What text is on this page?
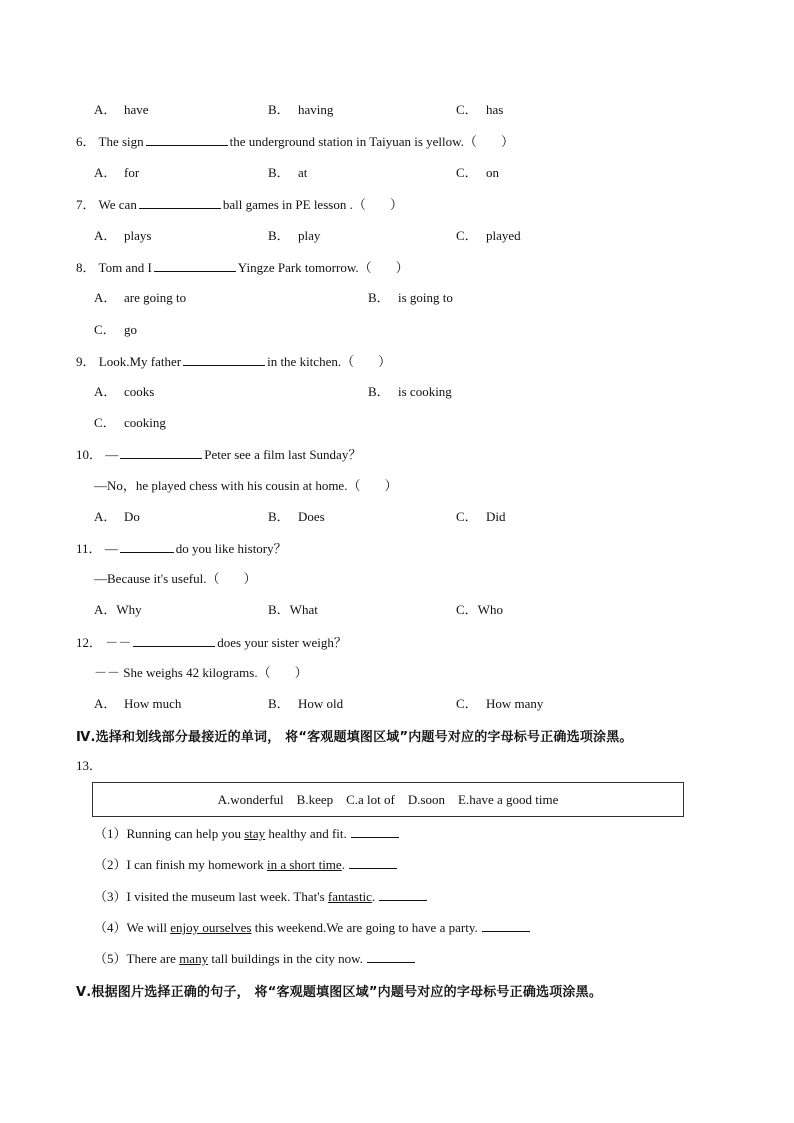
A． have	B． having	C． has
6． The sign	the underground station in Taiyuan is yellow.（ ）
A． for	B． at	C． on
7． We can	ball games in PE lesson .（ ）
A． plays	B． play	C． played
8． Tom and I	Yingze Park tomorrow.（ ）
A． are going to	B． is going to
C． go
9． Look.My father	in the kitchen.（ ）
A． cooks	B． is cooking
C． cooking
10． —	Peter see a film last Sunday？
—No，he played chess with his cousin at home.（ ）
A． Do	B． Does	C． Did
11． —	do you like history？
—Because it's useful.（ ）
A．Why	B．What	C．Who
12． －－	does your sister weigh？
－－ She weighs 42 kilograms.（ ）
A． How much	B． How old	C． How many
Ⅳ.选择和划线部分最接近的单词， 将“客观题填图区域”内题号对应的字母标号正确选项涂黑。
13．
A.wonderful    B.keep    C.a lot of    D.soon    E.have a good time
（1）Running can help you stay healthy and fit.
（2）I can finish my homework in a short time.
（3）I visited the museum last week. That's fantastic.
（4）We will enjoy ourselves this weekend.We are going to have a party.
（5）There are many tall buildings in the city now.
Ⅴ.根据图片选择正确的句子， 将“客观题填图区域”内题号对应的字母标号正确选项涂黑。
